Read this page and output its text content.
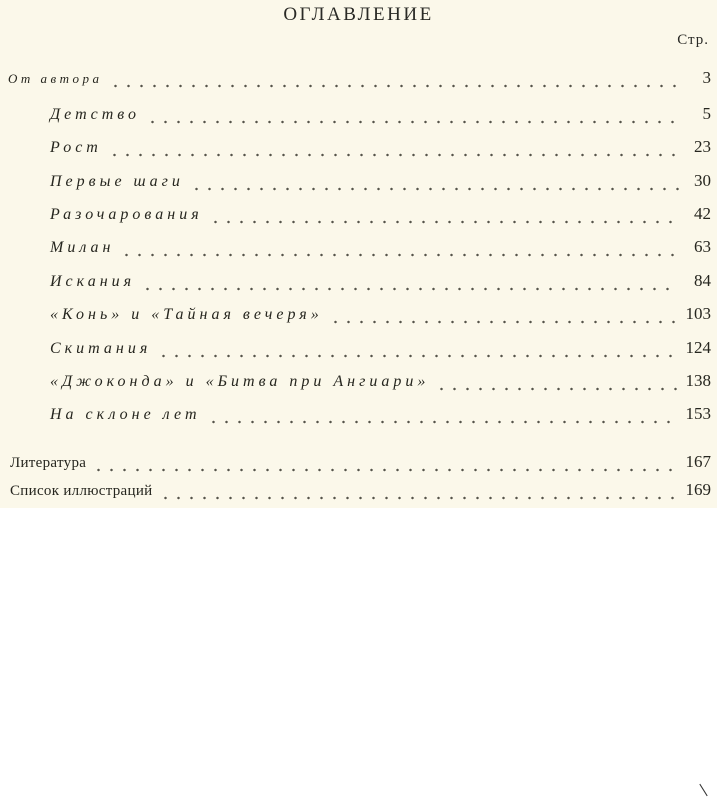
ОГЛАВЛЕНИЕ
Стр.
От автора	3
Детство	5
Рост	23
Первые шаги	30
Разочарования	42
Милан	63
Искания	84
«Конь» и «Тайная вечеря»	103
Скитания	124
«Джоконда» и «Битва при Ангиари»	138
На склоне лет	153
Литература	167
Список иллюстраций	169
